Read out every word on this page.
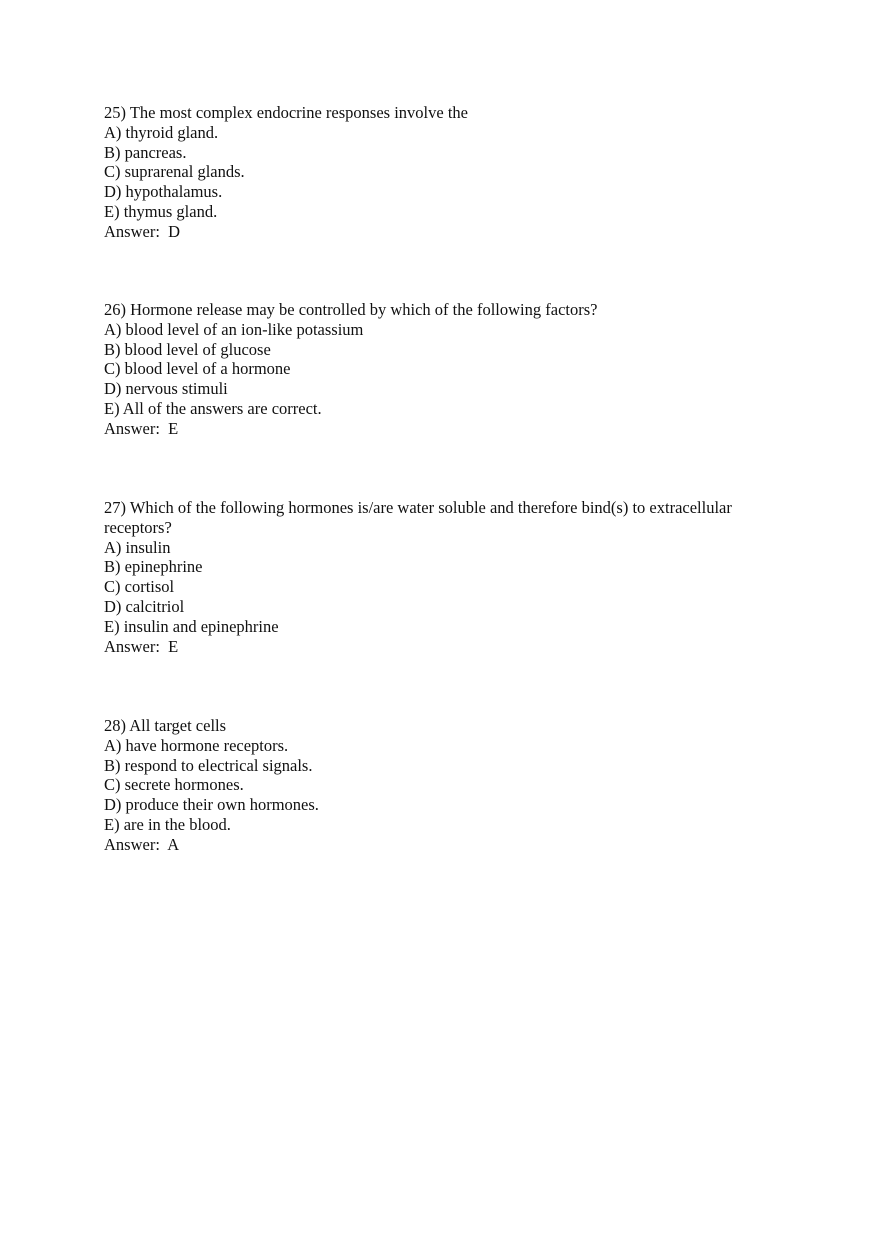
25) The most complex endocrine responses involve the
A) thyroid gland.
B) pancreas.
C) suprarenal glands.
D) hypothalamus.
E) thymus gland.
Answer:  D
26) Hormone release may be controlled by which of the following factors?
A) blood level of an ion-like potassium
B) blood level of glucose
C) blood level of a hormone
D) nervous stimuli
E) All of the answers are correct.
Answer:  E
27) Which of the following hormones is/are water soluble and therefore bind(s) to extracellular receptors?
A) insulin
B) epinephrine
C) cortisol
D) calcitriol
E) insulin and epinephrine
Answer:  E
28) All target cells
A) have hormone receptors.
B) respond to electrical signals.
C) secrete hormones.
D) produce their own hormones.
E) are in the blood.
Answer:  A
